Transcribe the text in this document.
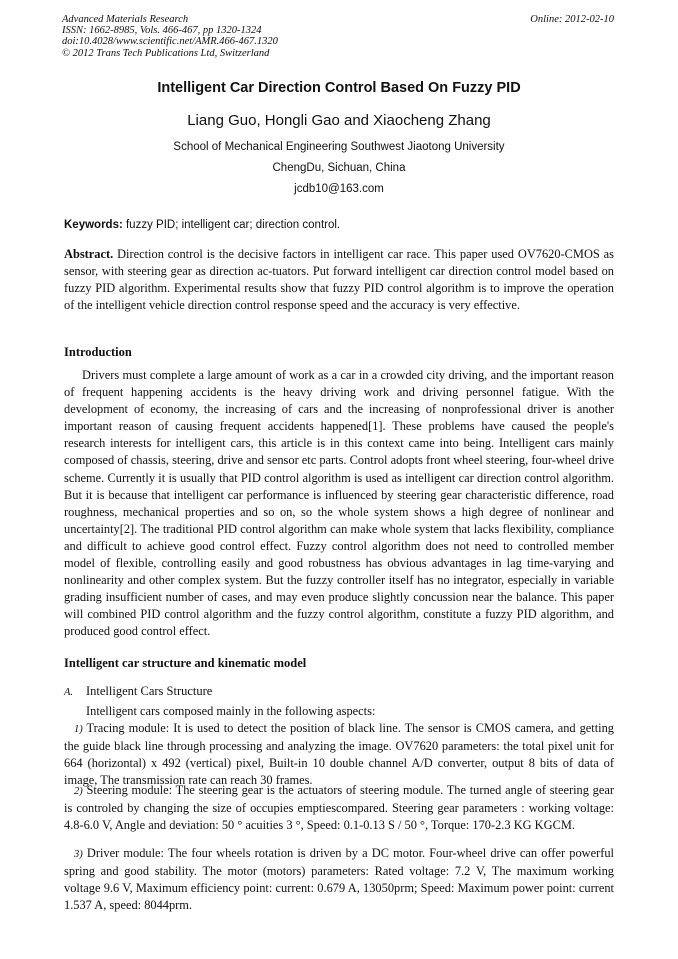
Advanced Materials Research
ISSN: 1662-8985, Vols. 466-467, pp 1320-1324
doi:10.4028/www.scientific.net/AMR.466-467.1320
© 2012 Trans Tech Publications Ltd, Switzerland
Online: 2012-02-10
Intelligent Car Direction Control Based On Fuzzy PID
Liang Guo, Hongli Gao and Xiaocheng Zhang
School of Mechanical Engineering Southwest Jiaotong University
ChengDu, Sichuan, China
jcdb10@163.com
Keywords: fuzzy PID; intelligent car; direction control.

Abstract. Direction control is the decisive factors in intelligent car race. This paper used OV7620-CMOS as sensor, with steering gear as direction ac-tuators. Put forward intelligent car direction control model based on fuzzy PID algorithm. Experimental results show that fuzzy PID control algorithm is to improve the operation of the intelligent vehicle direction control response speed and the accuracy is very effective.

Introduction

Drivers must complete a large amount of work as a car in a crowded city driving, and the important reason of frequent happening accidents is the heavy driving work and driving personnel fatigue. With the development of economy, the increasing of cars and the increasing of nonprofessional driver is another important reason of causing frequent accidents happened[1]. These problems have caused the people's research interests for intelligent cars, this article is in this context came into being. Intelligent cars mainly composed of chassis, steering, drive and sensor etc parts. Control adopts front wheel steering, four-wheel drive scheme. Currently it is usually that PID control algorithm is used as intelligent car direction control algorithm. But it is because that intelligent car performance is influenced by steering gear characteristic difference, road roughness, mechanical properties and so on, so the whole system shows a high degree of nonlinear and uncertainty[2]. The traditional PID control algorithm can make whole system that lacks flexibility, compliance and difficult to achieve good control effect. Fuzzy control algorithm does not need to controlled member model of flexible, controlling easily and good robustness has obvious advantages in lag time-varying and nonlinearity and other complex system. But the fuzzy controller itself has no integrator, especially in variable grading insufficient number of cases, and may even produce slightly concussion near the balance. This paper will combined PID control algorithm and the fuzzy control algorithm, constitute a fuzzy PID algorithm, and produced good control effect.

Intelligent car structure and kinematic model
A. Intelligent Cars Structure

Intelligent cars composed mainly in the following aspects:

1) Tracing module: It is used to detect the position of black line. The sensor is CMOS camera, and getting the guide black line through processing and analyzing the image. OV7620 parameters: the total pixel unit for 664 (horizontal) x 492 (vertical) pixel, Built-in 10 double channel A/D converter, output 8 bits of data of image, The transmission rate can reach 30 frames.

2) Steering module: The steering gear is the actuators of steering module. The turned angle of steering gear is controled by changing the size of occupies emptiescompared. Steering gear parameters : working voltage: 4.8-6.0 V, Angle and deviation: 50 ° acuities 3 °, Speed: 0.1-0.13 S / 50 °, Torque: 170-2.3 KG KGCM.

3) Driver module: The four wheels rotation is driven by a DC motor. Four-wheel drive can offer powerful spring and good stability. The motor (motors) parameters: Rated voltage: 7.2 V, The maximum working voltage 9.6 V, Maximum efficiency point: current: 0.679 A, 13050prm; Speed: Maximum power point: current 1.537 A, speed: 8044prm.
